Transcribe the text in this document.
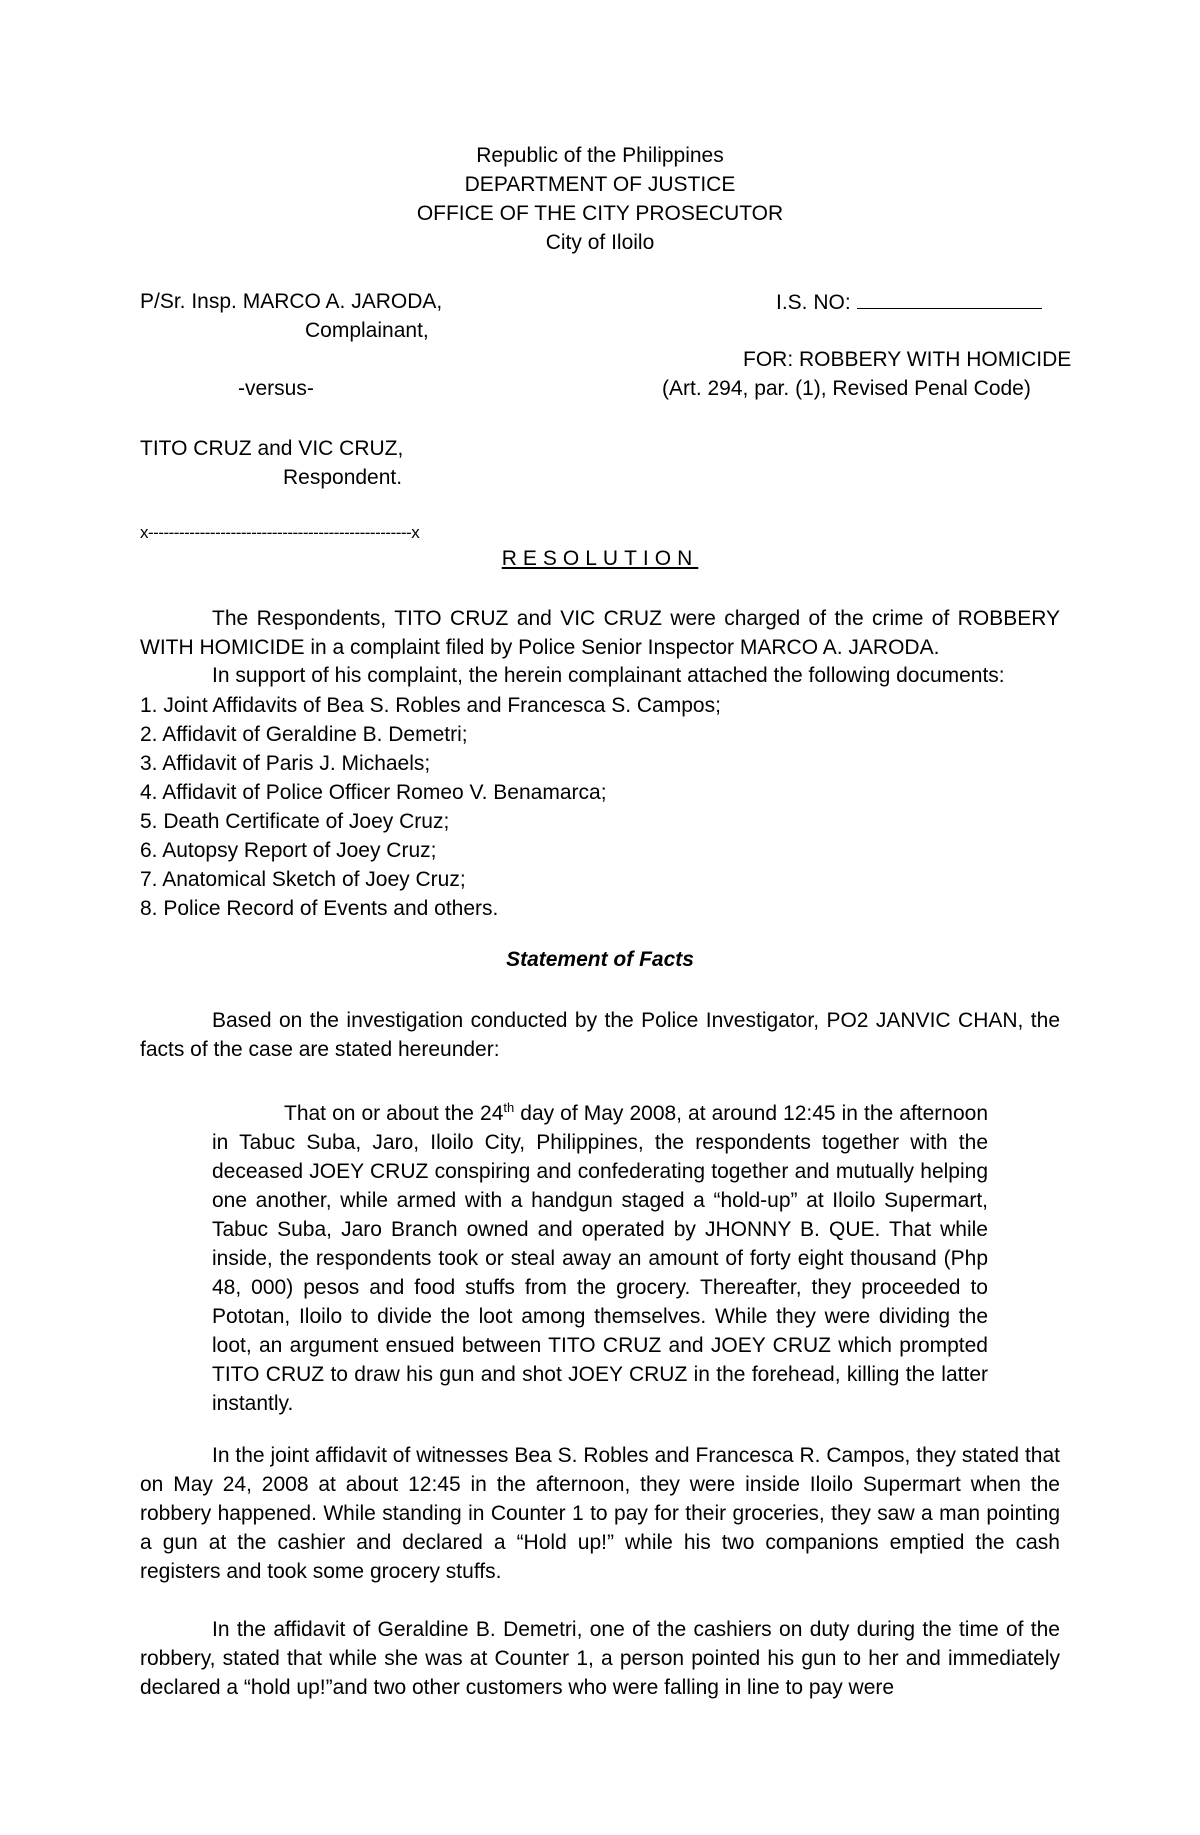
Republic of the Philippines
DEPARTMENT OF JUSTICE
OFFICE OF THE CITY PROSECUTOR
City of Iloilo
P/Sr. Insp. MARCO A. JARODA,
Complainant,
-versus-
TITO CRUZ and VIC CRUZ,
Respondent.
I.S. NO:
FOR: ROBBERY WITH HOMICIDE
(Art. 294, par. (1), Revised Penal Code)
x---------------------------------------------------x
RESOLUTION
The Respondents, TITO CRUZ and VIC CRUZ were charged of the crime of ROBBERY WITH HOMICIDE in a complaint filed by Police Senior Inspector MARCO A. JARODA.
In support of his complaint, the herein complainant attached the following documents:
1. Joint Affidavits of Bea S. Robles and Francesca S. Campos;
2. Affidavit of Geraldine B. Demetri;
3. Affidavit of Paris J. Michaels;
4. Affidavit of Police Officer Romeo V. Benamarca;
5. Death Certificate of Joey Cruz;
6. Autopsy Report of Joey Cruz;
7. Anatomical Sketch of Joey Cruz;
8. Police Record of Events and others.
Statement of Facts
Based on the investigation conducted by the Police Investigator, PO2 JANVIC CHAN, the facts of the case are stated hereunder:
That on or about the 24th day of May 2008, at around 12:45 in the afternoon in Tabuc Suba, Jaro, Iloilo City, Philippines, the respondents together with the deceased JOEY CRUZ conspiring and confederating together and mutually helping one another, while armed with a handgun staged a “hold-up” at Iloilo Supermart, Tabuc Suba, Jaro Branch owned and operated by JHONNY B. QUE. That while inside, the respondents took or steal away an amount of forty eight thousand (Php 48, 000) pesos and food stuffs from the grocery. Thereafter, they proceeded to Pototan, Iloilo to divide the loot among themselves. While they were dividing the loot, an argument ensued between TITO CRUZ and JOEY CRUZ which prompted TITO CRUZ to draw his gun and shot JOEY CRUZ in the forehead, killing the latter instantly.
In the joint affidavit of witnesses Bea S. Robles and Francesca R. Campos, they stated that on May 24, 2008 at about 12:45 in the afternoon, they were inside Iloilo Supermart when the robbery happened. While standing in Counter 1 to pay for their groceries, they saw a man pointing a gun at the cashier and declared a “Hold up!” while his two companions emptied the cash registers and took some grocery stuffs.
In the affidavit of Geraldine B. Demetri, one of the cashiers on duty during the time of the robbery, stated that while she was at Counter 1, a person pointed his gun to her and immediately declared a “hold up!”and two other customers who were falling in line to pay were
